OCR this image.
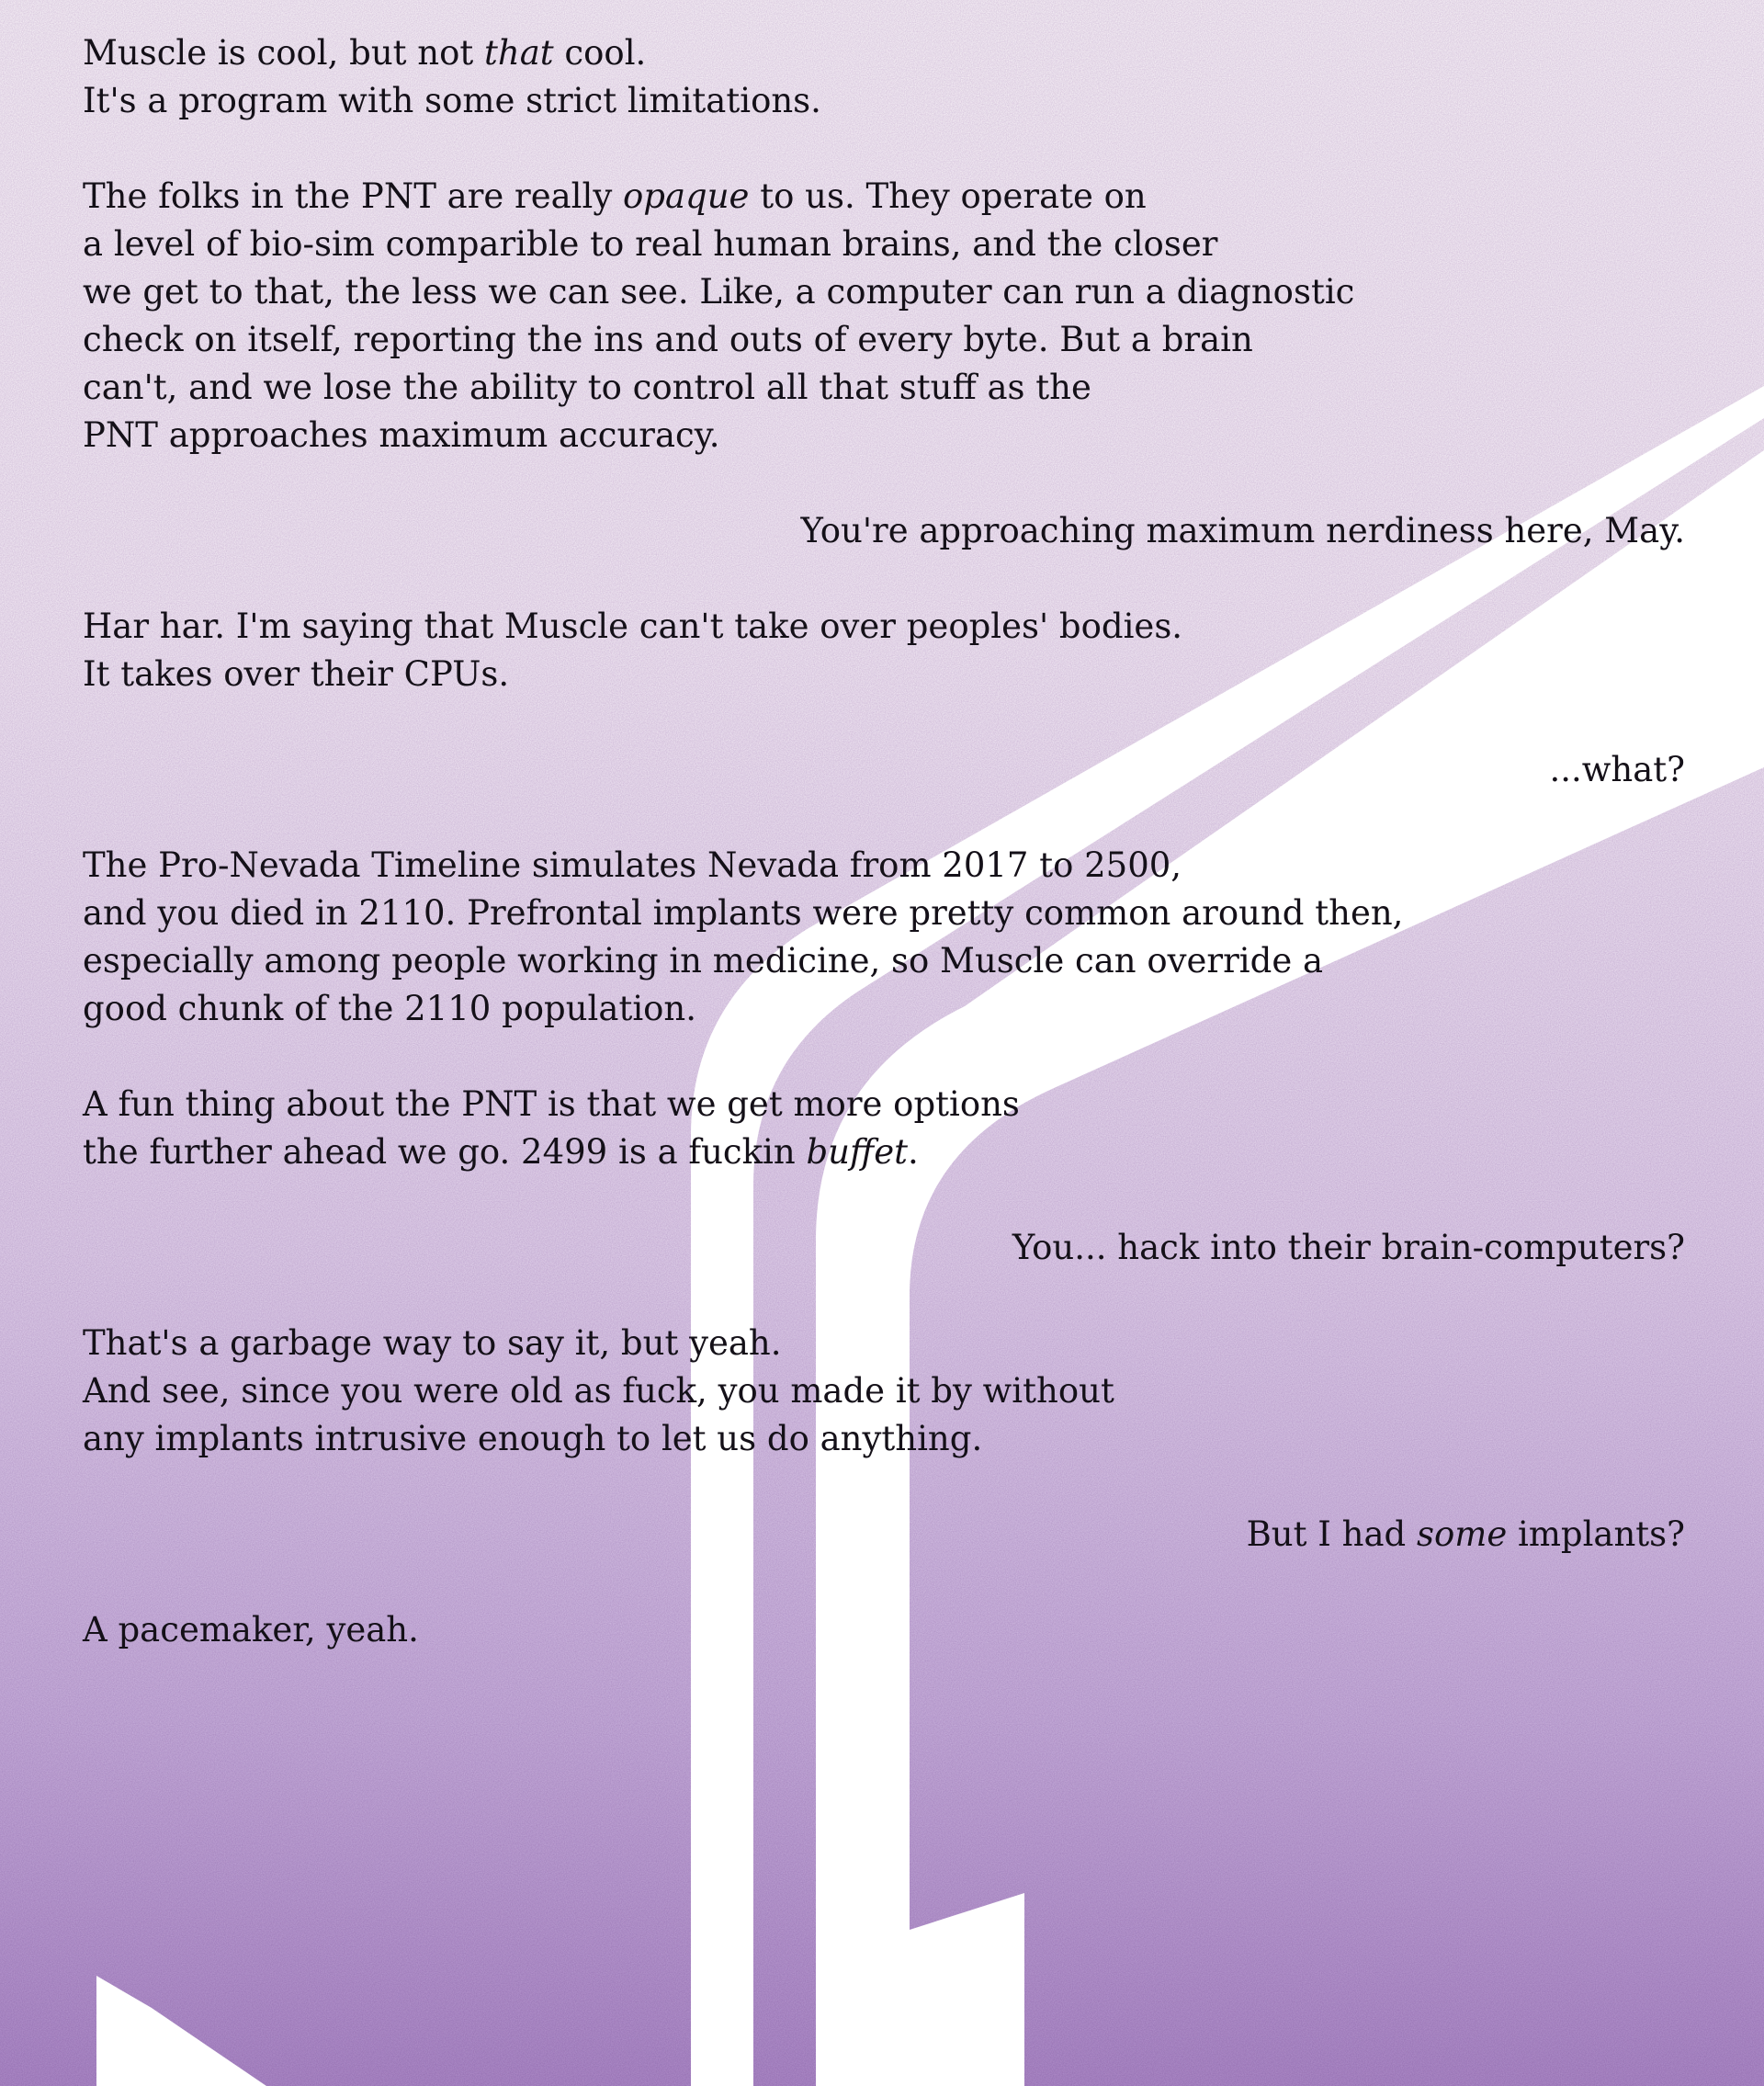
Muscle is cool, but not that cool.
It's a program with some strict limitations.
The folks in the PNT are really opaque to us. They operate on
a level of bio-sim comparible to real human brains, and the closer
we get to that, the less we can see. Like, a computer can run a diagnostic
check on itself, reporting the ins and outs of every byte. But a brain
can't, and we lose the ability to control all that stuff as the
PNT approaches maximum accuracy.
You're approaching maximum nerdiness here, May.
Har har. I'm saying that Muscle can't take over peoples' bodies.
It takes over their CPUs.
...what?
The Pro-Nevada Timeline simulates Nevada from 2017 to 2500,
and you died in 2110. Prefrontal implants were pretty common around then,
especially among people working in medicine, so Muscle can override a
good chunk of the 2110 population.
A fun thing about the PNT is that we get more options
the further ahead we go. 2499 is a fuckin buffet.
You... hack into their brain-computers?
That's a garbage way to say it, but yeah.
And see, since you were old as fuck, you made it by without
any implants intrusive enough to let us do anything.
But I had some implants?
A pacemaker, yeah.
